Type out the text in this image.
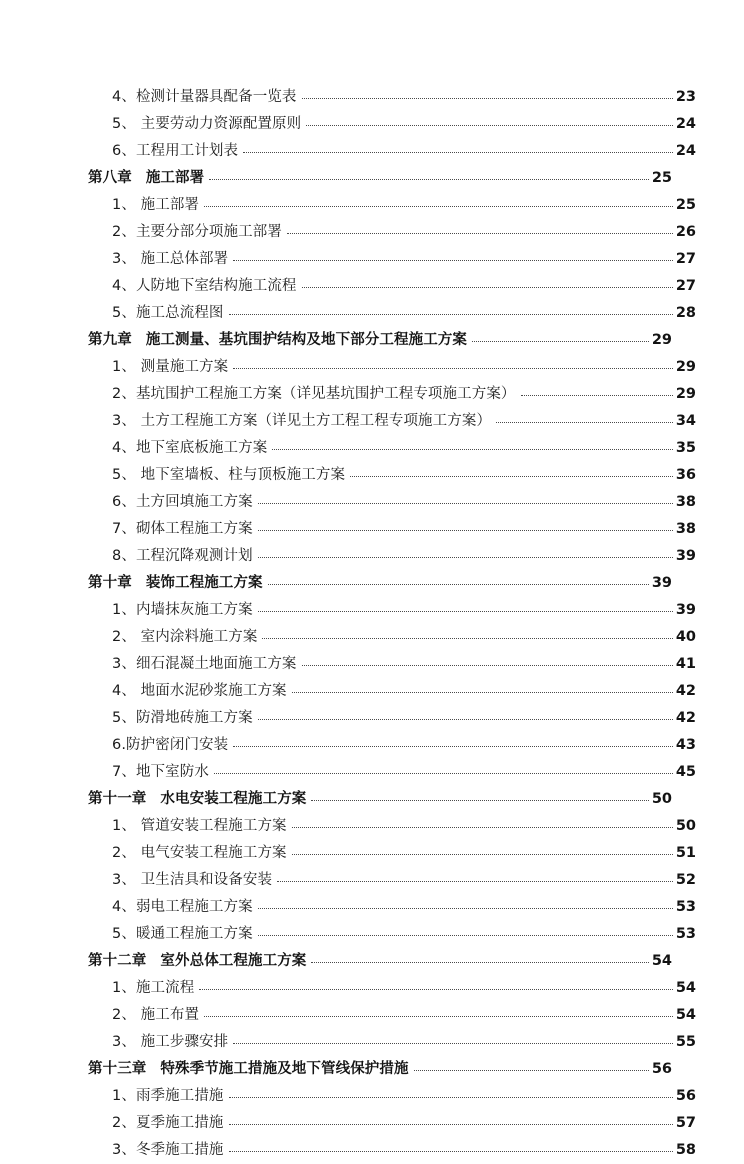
4、检测计量器具配备一览表	23
5、 主要劳动力资源配置原则	24
6、工程用工计划表	24
第八章 施工部署	25
1、 施工部署	25
2、主要分部分项施工部署	26
3、 施工总体部署	27
4、人防地下室结构施工流程	27
5、施工总流程图	28
第九章 施工测量、基坑围护结构及地下部分工程施工方案	29
1、 测量施工方案	29
2、基坑围护工程施工方案（详见基坑围护工程专项施工方案）	29
3、 土方工程施工方案（详见土方工程工程专项施工方案）	34
4、地下室底板施工方案	35
5、 地下室墙板、柱与顶板施工方案	36
6、土方回填施工方案	38
7、砌体工程施工方案	38
8、工程沉降观测计划	39
第十章 装饰工程施工方案	39
1、内墙抹灰施工方案	39
2、 室内涂料施工方案	40
3、细石混凝土地面施工方案	41
4、 地面水泥砂浆施工方案	42
5、防滑地砖施工方案	42
6.防护密闭门安装	43
7、地下室防水	45
第十一章 水电安装工程施工方案	50
1、 管道安装工程施工方案	50
2、 电气安装工程施工方案	51
3、 卫生洁具和设备安装	52
4、弱电工程施工方案	53
5、暖通工程施工方案	53
第十二章 室外总体工程施工方案	54
1、施工流程	54
2、 施工布置	54
3、 施工步骤安排	55
第十三章 特殊季节施工措施及地下管线保护措施	56
1、雨季施工措施	56
2、夏季施工措施	57
3、冬季施工措施	58
